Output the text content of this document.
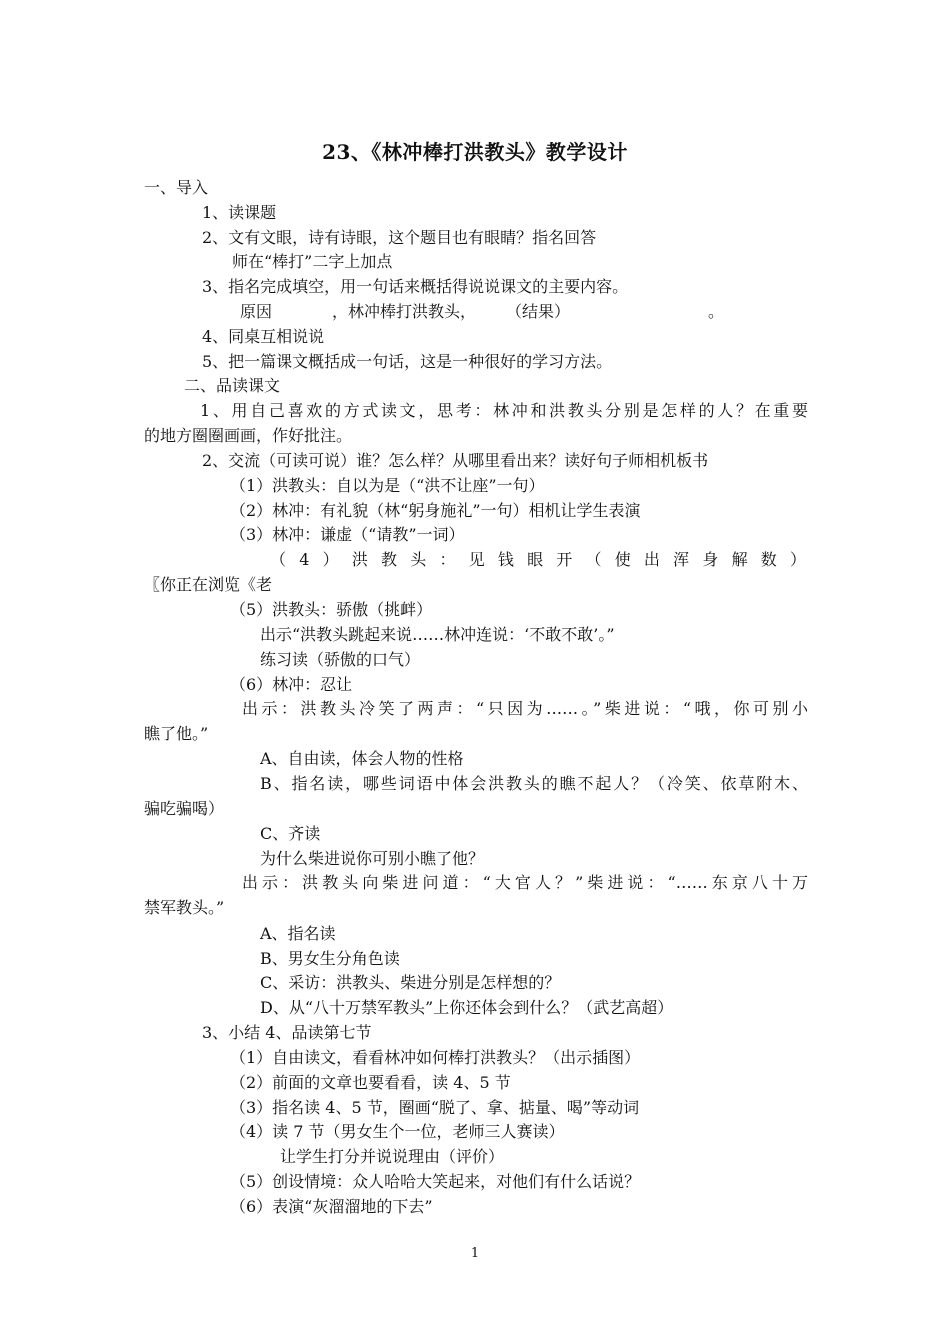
23、《林冲棒打洪教头》教学设计
一、导入
1、读课题
2、文有文眼，诗有诗眼，这个题目也有眼睛？指名回答
师在“棒打”二字上加点
3、指名完成填空，用一句话来概括得说说课文的主要内容。
原因	，林冲棒打洪教头， （结果）	。
4、同桌互相说说
5、把一篇课文概括成一句话，这是一种很好的学习方法。
二、品读课文
1、用自己喜欢的方式读文，思考：林冲和洪教头分别是怎样的人？在重要
的地方圈圈画画，作好批注。
2、交流（可读可说）谁？怎么样？从哪里看出来？读好句子师相机板书
（1）洪教头：自以为是（“洪不让座”一句）
（2）林冲：有礼貌（林“躬身施礼”一句）相机让学生表演
（3）林冲：谦虚（“请教”一词）
（4）洪教头：见钱眼开（使出浑身解数）
〖你正在浏览《老
（5）洪教头：骄傲（挑衅）
出示“洪教头跳起来说……林冲连说：‘不敢不敢’。”
练习读（骄傲的口气）
（6）林冲：忍让
出示：洪教头冷笑了两声：“只因为……。”柴进说：“哦，你可别小
瞧了他。”
A、自由读，体会人物的性格
B、指名读，哪些词语中体会洪教头的瞧不起人？（冷笑、依草附木、
骗吃骗喝）
C、齐读
为什么柴进说你可别小瞧了他？
出示：洪教头向柴进问道：“大官人？”柴进说：“……东京八十万
禁军教头。”
A、指名读
B、男女生分角色读
C、采访：洪教头、柴进分别是怎样想的？
D、从“八十万禁军教头”上你还体会到什么？（武艺高超）
3、小结 4、品读第七节
（1）自由读文，看看林冲如何棒打洪教头？（出示插图）
（2）前面的文章也要看看，读 4、5 节
（3）指名读 4、5 节，圈画“脱了、拿、掂量、喝”等动词
（4）读 7 节（男女生个一位，老师三人赛读）
让学生打分并说说理由（评价）
（5）创设情境：众人哈哈大笑起来，对他们有什么话说？
（6）表演“灰溜溜地的下去”
1
